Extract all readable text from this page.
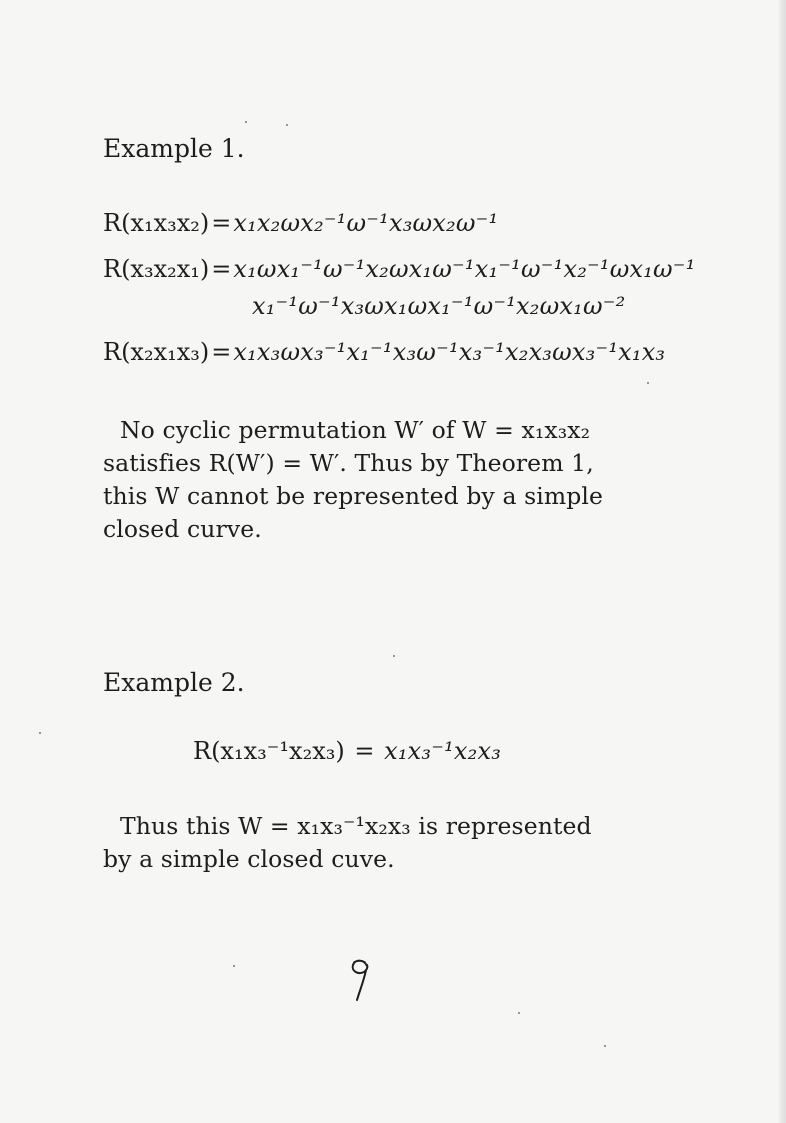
Example 1.
R(x₁x₃x₂)=x₁x₂ωx₂⁻¹ω⁻¹x₃ωx₂ω⁻¹
R(x₃x₂x₁)=x₁ωx₁⁻¹ω⁻¹x₂ωx₁ω⁻¹x₁⁻¹ω⁻¹x₂⁻¹ωx₁ω⁻¹
x₁⁻¹ω⁻¹x₃ωx₁ωx₁⁻¹ω⁻¹x₂ωx₁ω⁻²
R(x₂x₁x₃)=x₁x₃ωx₃⁻¹x₁⁻¹x₃ω⁻¹x₃⁻¹x₂x₃ωx₃⁻¹x₁x₃

No cyclic permutation W′ of W = x₁x₃x₂
satisfies R(W′) = W′. Thus by Theorem 1,
this W cannot be represented by a simple
closed curve.

Example 2.
R(x₁x₃⁻¹x₂x₃) = x₁x₃⁻¹x₂x₃

Thus this W = x₁x₃⁻¹x₂x₃ is represented
by a simple closed cuve.
